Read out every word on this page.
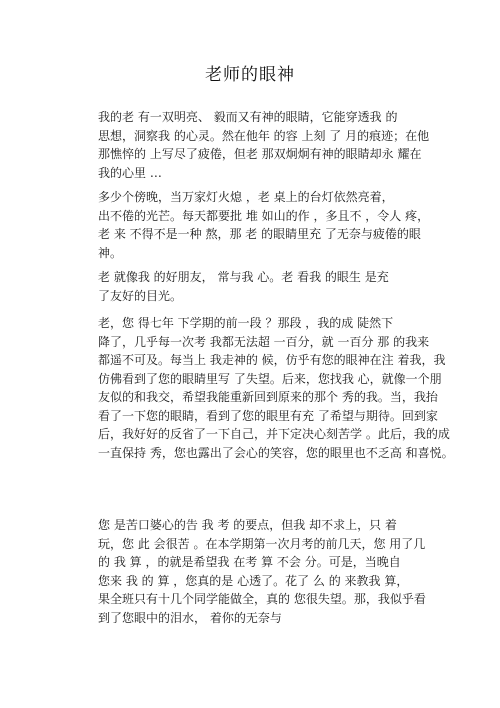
老师的眼神
我的老 有一双明亮、 毅而又有神的眼睛，它能穿透我 的
思想，洞察我 的心灵。然在他年 的容 上刻 了 月的痕迹；在他
那憔悴的 上写尽了疲倦，但老 那双炯炯有神的眼睛却永 耀在
我的心里 …
多少个傍晚，当万家灯火熄 ，老 桌上的台灯依然亮着，
出不倦的光芒。每天都要批 堆 如山的作 ，多且不 ，令人 疼，
老 来 不得不是一种 熬，那 老 的眼睛里充 了无奈与疲倦的眼
神。
老 就像我 的好朋友， 常与我 心。老 看我 的眼生 是充
了友好的目光。
老，您 得七年 下学期的前一段 ？那段 ，我的成 陡然下
降了，几乎每一次考 我都无法超 一百分，就 一百分 那 的我来
都遥不可及。每当上 我走神的 候，仿乎有您的眼神在注 着我，我
仿佛看到了您的眼睛里写 了失望。后来，您找我 心，就像一个朋
友似的和我交，希望我能重新回到原来的那个 秀的我。当，我抬
看了一下您的眼睛，看到了您的眼里有充 了希望与期待。回到家
后，我好好的反省了一下自己，并下定决心刻苦学 。此后，我的成
一直保持 秀，您也露出了会心的笑容，您的眼里也不乏高 和喜悦。
您 是苦口婆心的告 我 考 的要点，但我 却不求上，只 着
玩，您 此 会很苦 。在本学期第一次月考的前几天，您 用了几
的 我 算 ，的就是希望我 在考 算 不会 分。可是，当晚自
您来 我 的 算 ，您真的是 心透了。花了 么 的 来教我 算，
果全班只有十几个同学能做全，真的 您很失望。那，我似乎看
到了您眼中的泪水， 着你的无奈与
